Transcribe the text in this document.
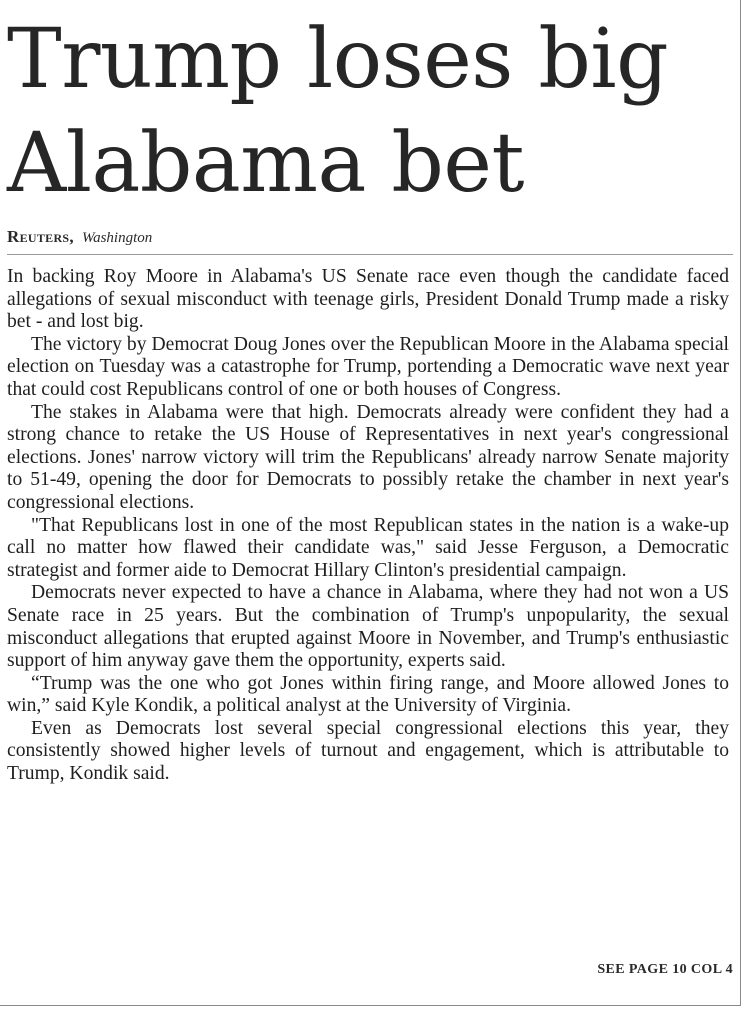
Trump loses big
Alabama bet
Reuters, Washington

In backing Roy Moore in Alabama's US Senate race even though the candidate faced allegations of sexual misconduct with teenage girls, President Donald Trump made a risky bet - and lost big.

The victory by Democrat Doug Jones over the Republican Moore in the Alabama special election on Tuesday was a catastrophe for Trump, portending a Democratic wave next year that could cost Republicans control of one or both houses of Congress.

The stakes in Alabama were that high. Democrats already were confident they had a strong chance to retake the US House of Representatives in next year's congressional elections. Jones' narrow victory will trim the Republicans' already narrow Senate majority to 51-49, opening the door for Democrats to possibly retake the chamber in next year's congressional elections.

"That Republicans lost in one of the most Republican states in the nation is a wake-up call no matter how flawed their candidate was," said Jesse Ferguson, a Democratic strategist and former aide to Democrat Hillary Clinton's presidential campaign.

Democrats never expected to have a chance in Alabama, where they had not won a US Senate race in 25 years. But the combination of Trump's unpopularity, the sexual misconduct allegations that erupted against Moore in November, and Trump's enthusiastic support of him anyway gave them the opportunity, experts said.

“Trump was the one who got Jones within firing range, and Moore allowed Jones to win,” said Kyle Kondik, a political analyst at the University of Virginia.

Even as Democrats lost several special congressional elections this year, they consistently showed higher levels of turnout and engagement, which is attributable to Trump, Kondik said.

SEE PAGE 10 COL 4
